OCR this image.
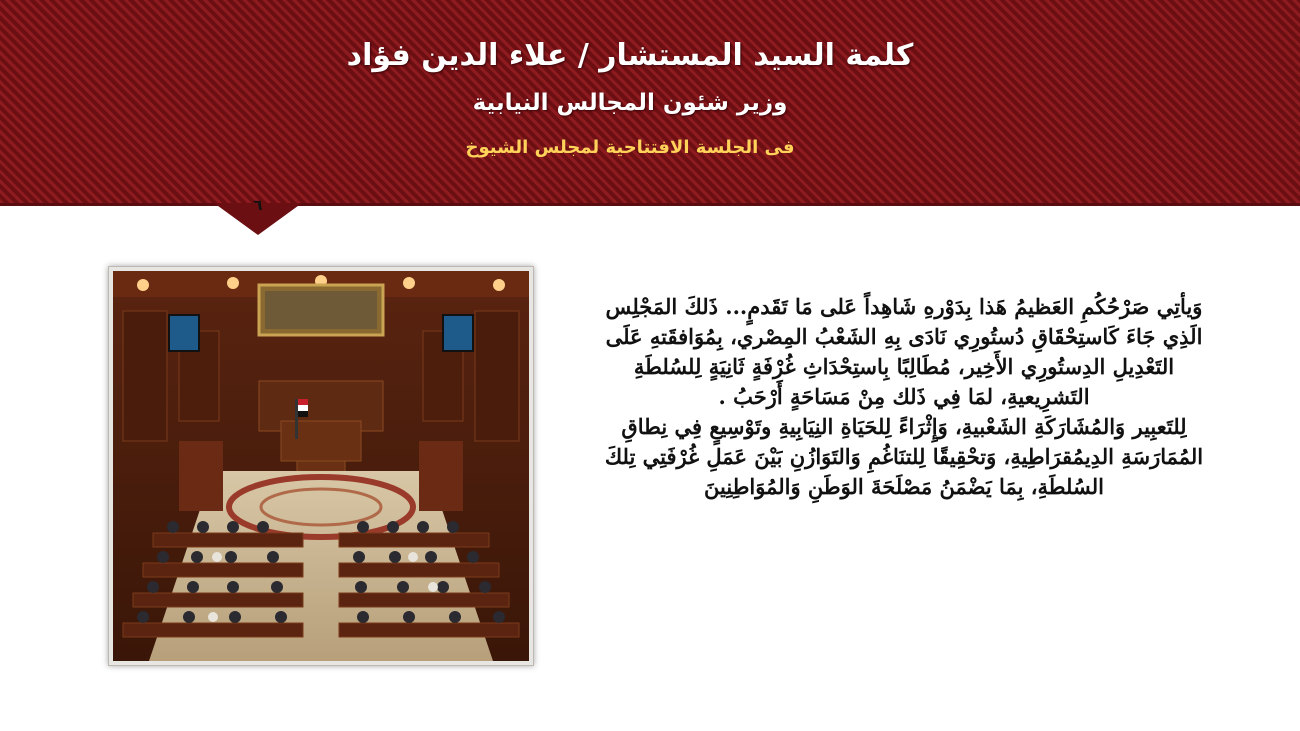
كلمة السيد المستشار / علاء الدين فؤاد
وزير شئون المجالس النيابية
فى الجلسة الافتتاحية لمجلس الشيوخ
٦

وَيأتِي صَرْحُكُمِ العَظيمُ هَذا بِدَوْرهِ شَاهِداً عَلى مَا تَقَدمٍ... ذَلكَ المَجْلِس الَذِي جَاءَ كَاستِحْقَاقِ دُستُورِي نَادَى بِهِ الشَعْبُ المِصْري، بِمُوَافقَتهِ عَلَى التَعْدِيلِ الدِستُورِي الأَخِير، مُطَالِبًا بِاستِحْدَاثِ غُرْفَةٍ ثَانِيَةٍ لِلسُلطَةِ التَشرِيعيةِ، لمَا فِي ذَلك مِنْ مَسَاحَةٍ أَرْحَبُ .

لِلتَعبِير وَالمُشَارَكَةِ الشَعْبيةِ، وَإِثْرَاءً لِلحَيَاةِ النِيَابِيةِ وتَوْسِيعٍ فِي نِطاقِ المُمَارَسَةِ الدِيمُقرَاطِيةِ، وَتحْقِيقًا لِلتنَاغُمِ وَالتَوَازُنِ بَيْنَ عَمَلِ غُرْفَتِي تِلكَ السُلطَةِ، بِمَا يَضْمَنُ مَصْلَحَةَ الوَطَنِ وَالمُوَاطِنِينَ
